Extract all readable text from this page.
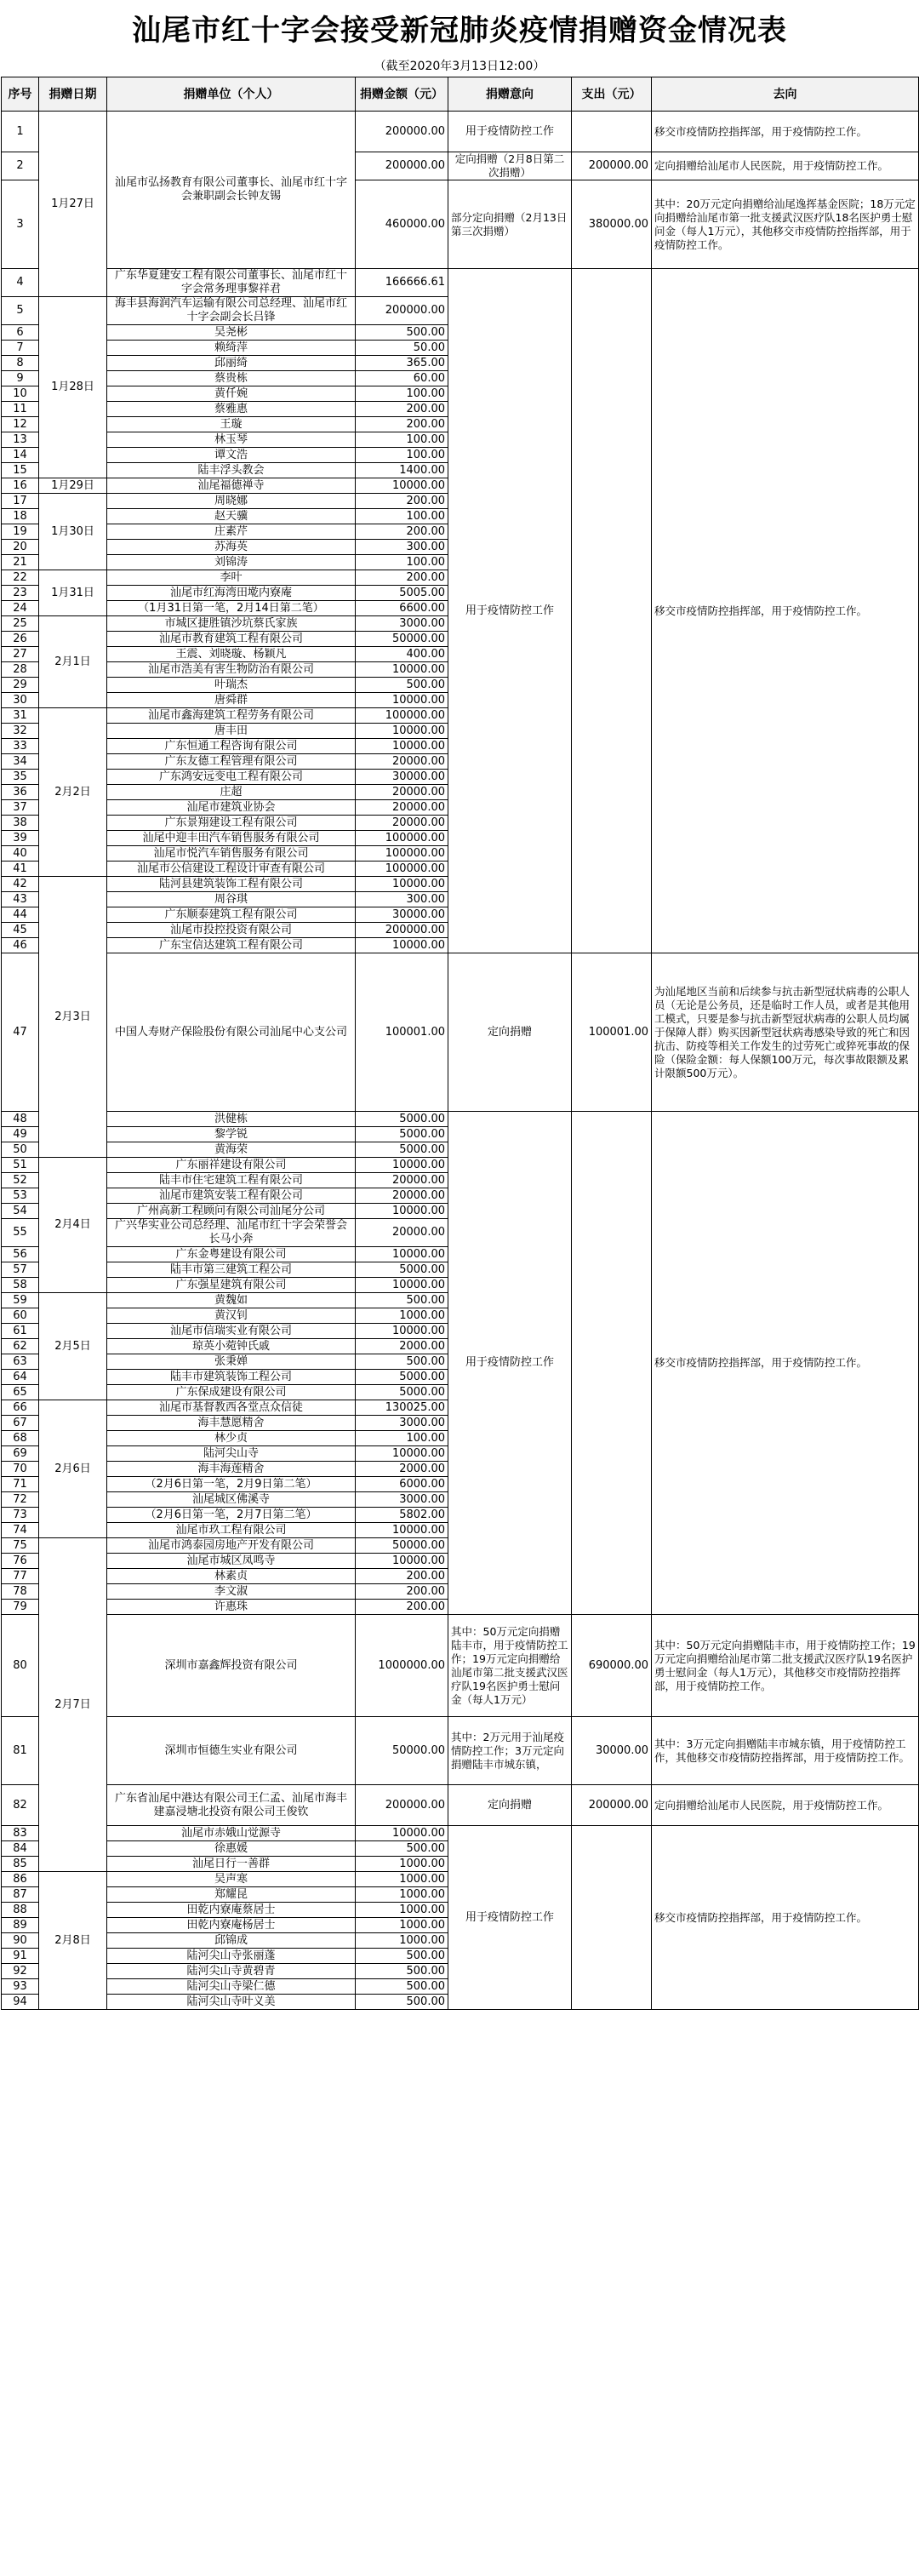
汕尾市红十字会接受新冠肺炎疫情捐赠资金情况表
（截至2020年3月13日12:00）
序号	捐赠日期	捐赠单位（个人）	捐赠金额（元）	捐赠意向	支出（元）	去向
1	1月27日	汕尾市弘扬教育有限公司董事长、汕尾市红十字会兼职副会长钟友锡	200000.00	用于疫情防控工作		移交市疫情防控指挥部，用于疫情防控工作。
2			200000.00	定向捐赠（2月8日第二次捐赠）	200000.00	定向捐赠给汕尾市人民医院，用于疫情防控工作。
3			460000.00	部分定向捐赠（2月13日第三次捐赠）	380000.00	其中：20万元定向捐赠给汕尾逸挥基金医院；18万元定向捐赠给汕尾市第一批支援武汉医疗队18名医护勇士慰问金（每人1万元），其他移交市疫情防控指挥部，用于疫情防控工作。
4		广东华夏建安工程有限公司董事长、汕尾市红十字会常务理事黎祥君	166666.61	用于疫情防控工作		移交市疫情防控指挥部，用于疫情防控工作。
5	1月28日	海丰县海润汽车运输有限公司总经理、汕尾市红十字会副会长吕锋	200000.00			
6		吴尧彬	500.00			
7		赖绮萍	50.00			
8		邱丽绮	365.00			
9		蔡贵栋	60.00			
10		黄仟婉	100.00			
11		蔡雅惠	200.00			
12		王璇	200.00			
13		林玉琴	100.00			
14		谭文浩	100.00			
15		陆丰浮头教会	1400.00			
16	1月29日	汕尾福德禅寺	10000.00			
17	1月30日	周晓娜	200.00			
18		赵天骥	100.00			
19		庄素芹	200.00			
20		苏海英	300.00			
21		刘锦涛	100.00			
22	1月31日	李叶	200.00			
23		汕尾市红海湾田墘内寮庵	5005.00			
24		（1月31日第一笔，2月14日第二笔）	6600.00			
25	2月1日	市城区捷胜镇沙坑蔡氏家族	3000.00			
26		汕尾市教育建筑工程有限公司	50000.00			
27		王震、刘晓璇、杨颖凡	400.00			
28		汕尾市浩美有害生物防治有限公司	10000.00			
29		叶瑞杰	500.00			
30		唐舜群	10000.00			
31	2月2日	汕尾市鑫海建筑工程劳务有限公司	100000.00			
32		唐丰田	10000.00			
33		广东恒通工程咨询有限公司	10000.00			
34		广东友德工程管理有限公司	20000.00			
35		广东鸿安远变电工程有限公司	30000.00			
36		庄超	20000.00			
37		汕尾市建筑业协会	20000.00			
38		广东景翔建设工程有限公司	20000.00			
39		汕尾中迎丰田汽车销售服务有限公司	100000.00			
40		汕尾市悦汽车销售服务有限公司	100000.00			
41		汕尾市公信建设工程设计审查有限公司	100000.00			
42	2月3日	陆河县建筑装饰工程有限公司	10000.00			
43		周谷琪	300.00			
44		广东顺泰建筑工程有限公司	30000.00			
45		汕尾市投控投资有限公司	200000.00			
46		广东宝信达建筑工程有限公司	10000.00			
47		中国人寿财产保险股份有限公司汕尾中心支公司	100001.00	定向捐赠	100001.00	为汕尾地区当前和后续参与抗击新型冠状病毒的公职人员（无论是公务员，还是临时工作人员，或者是其他用工模式，只要是参与抗击新型冠状病毒的公职人员均属于保障人群）购买因新型冠状病毒感染导致的死亡和因抗击、防疫等相关工作发生的过劳死亡或猝死事故的保险（保险金额：每人保额100万元，每次事故限额及累计限额500万元）。
48		洪健栋	5000.00	用于疫情防控工作		移交市疫情防控指挥部，用于疫情防控工作。
49		黎学锐	5000.00			
50		黄海荣	5000.00			
51	2月4日	广东丽祥建设有限公司	10000.00			
52		陆丰市住宅建筑工程有限公司	20000.00			
53		汕尾市建筑安装工程有限公司	20000.00			
54		广州高新工程顾问有限公司汕尾分公司	10000.00			
55		广兴华实业公司总经理、汕尾市红十字会荣誉会长马小奔	20000.00			
56		广东金粤建设有限公司	10000.00			
57		陆丰市第三建筑工程公司	5000.00			
58		广东强星建筑有限公司	10000.00			
59	2月5日	黄魏如	500.00			
60		黄汉钊	1000.00			
61		汕尾市信瑞实业有限公司	10000.00			
62		琼英小菀钟氏戚	2000.00			
63		张秉婵	500.00			
64		陆丰市建筑装饰工程公司	5000.00			
65		广东保成建设有限公司	5000.00			
66	2月6日	汕尾市基督教西各堂点众信徒	130025.00			
67		海丰慧愿精舍	3000.00			
68		林少贞	100.00			
69		陆河尖山寺	10000.00			
70		海丰海莲精舍	2000.00			
71		（2月6日第一笔，2月9日第二笔）	6000.00			
72		汕尾城区佛溪寺	3000.00			
73		（2月6日第一笔，2月7日第二笔）	5802.00			
74		汕尾市玖工程有限公司	10000.00			
75	2月7日	汕尾市鸿泰园房地产开发有限公司	50000.00			
76		汕尾市城区凤鸣寺	10000.00			
77		林素贞	200.00			
78		李文淑	200.00			
79		许惠珠	200.00			
80		深圳市嘉鑫辉投资有限公司	1000000.00	其中：50万元定向捐赠陆丰市，用于疫情防控工作；19万元定向捐赠给汕尾市第二批支援武汉医疗队19名医护勇士慰问金（每人1万元）	690000.00	其中：50万元定向捐赠陆丰市，用于疫情防控工作；19万元定向捐赠给汕尾市第二批支援武汉医疗队19名医护勇士慰问金（每人1万元），其他移交市疫情防控指挥部，用于疫情防控工作。
81		深圳市恒德生实业有限公司	50000.00	其中：2万元用于汕尾疫情防控工作；3万元定向捐赠陆丰市城东镇，	30000.00	其中：3万元定向捐赠陆丰市城东镇，用于疫情防控工作，其他移交市疫情防控指挥部，用于疫情防控工作。
82		广东省汕尾中港达有限公司王仁孟、汕尾市海丰建嘉浸塘北投资有限公司王俊钦	200000.00	定向捐赠	200000.00	定向捐赠给汕尾市人民医院，用于疫情防控工作。
83		汕尾市赤娥山觉源寺	10000.00	用于疫情防控工作		移交市疫情防控指挥部，用于疫情防控工作。
84		徐惠媛	500.00			
85		汕尾日行一善群	1000.00			
86	2月8日	吴声寒	1000.00			
87		郑耀昆	1000.00			
88		田乾内寮庵蔡居士	1000.00			
89		田乾内寮庵杨居士	1000.00			
90		邱锦成	1000.00			
91		陆河尖山寺张丽蓬	500.00			
92		陆河尖山寺黄碧青	500.00			
93		陆河尖山寺梁仁德	500.00			
94		陆河尖山寺叶义美	500.00			
